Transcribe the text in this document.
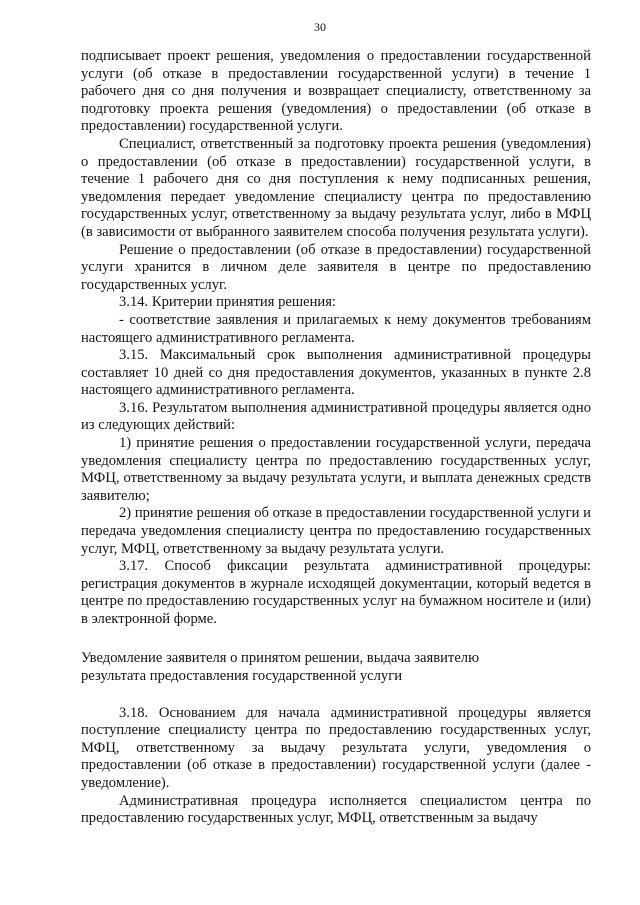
30

подписывает проект решения, уведомления о предоставлении государственной услуги (об отказе в предоставлении государственной услуги) в течение 1 рабочего дня со дня получения и возвращает специалисту, ответственному за подготовку проекта решения (уведомления) о предоставлении (об отказе в предоставлении) государственной услуги.

Специалист, ответственный за подготовку проекта решения (уведомления) о предоставлении (об отказе в предоставлении) государственной услуги, в течение 1 рабочего дня со дня поступления к нему подписанных решения, уведомления передает уведомление специалисту центра по предоставлению государственных услуг, ответственному за выдачу результата услуг, либо в МФЦ (в зависимости от выбранного заявителем способа получения результата услуги).

Решение о предоставлении (об отказе в предоставлении) государственной услуги хранится в личном деле заявителя в центре по предоставлению государственных услуг.

3.14. Критерии принятия решения:

- соответствие заявления и прилагаемых к нему документов требованиям настоящего административного регламента.

3.15. Максимальный срок выполнения административной процедуры составляет 10 дней со дня предоставления документов, указанных в пункте 2.8 настоящего административного регламента.

3.16. Результатом выполнения административной процедуры является одно из следующих действий:

1) принятие решения о предоставлении государственной услуги, передача уведомления специалисту центра по предоставлению государственных услуг, МФЦ, ответственному за выдачу результата услуги, и выплата денежных средств заявителю;

2) принятие решения об отказе в предоставлении государственной услуги и передача уведомления специалисту центра по предоставлению государственных услуг, МФЦ, ответственному за выдачу результата услуги.

3.17. Способ фиксации результата административной процедуры: регистрация документов в журнале исходящей документации, который ведется в центре по предоставлению государственных услуг на бумажном носителе и (или) в электронной форме.

Уведомление заявителя о принятом решении, выдача заявителю
результата предоставления государственной услуги

3.18. Основанием для начала административной процедуры является поступление специалисту центра по предоставлению государственных услуг, МФЦ, ответственному за выдачу результата услуги, уведомления о предоставлении (об отказе в предоставлении) государственной услуги (далее - уведомление).

Административная процедура исполняется специалистом центра по предоставлению государственных услуг, МФЦ, ответственным за выдачу
